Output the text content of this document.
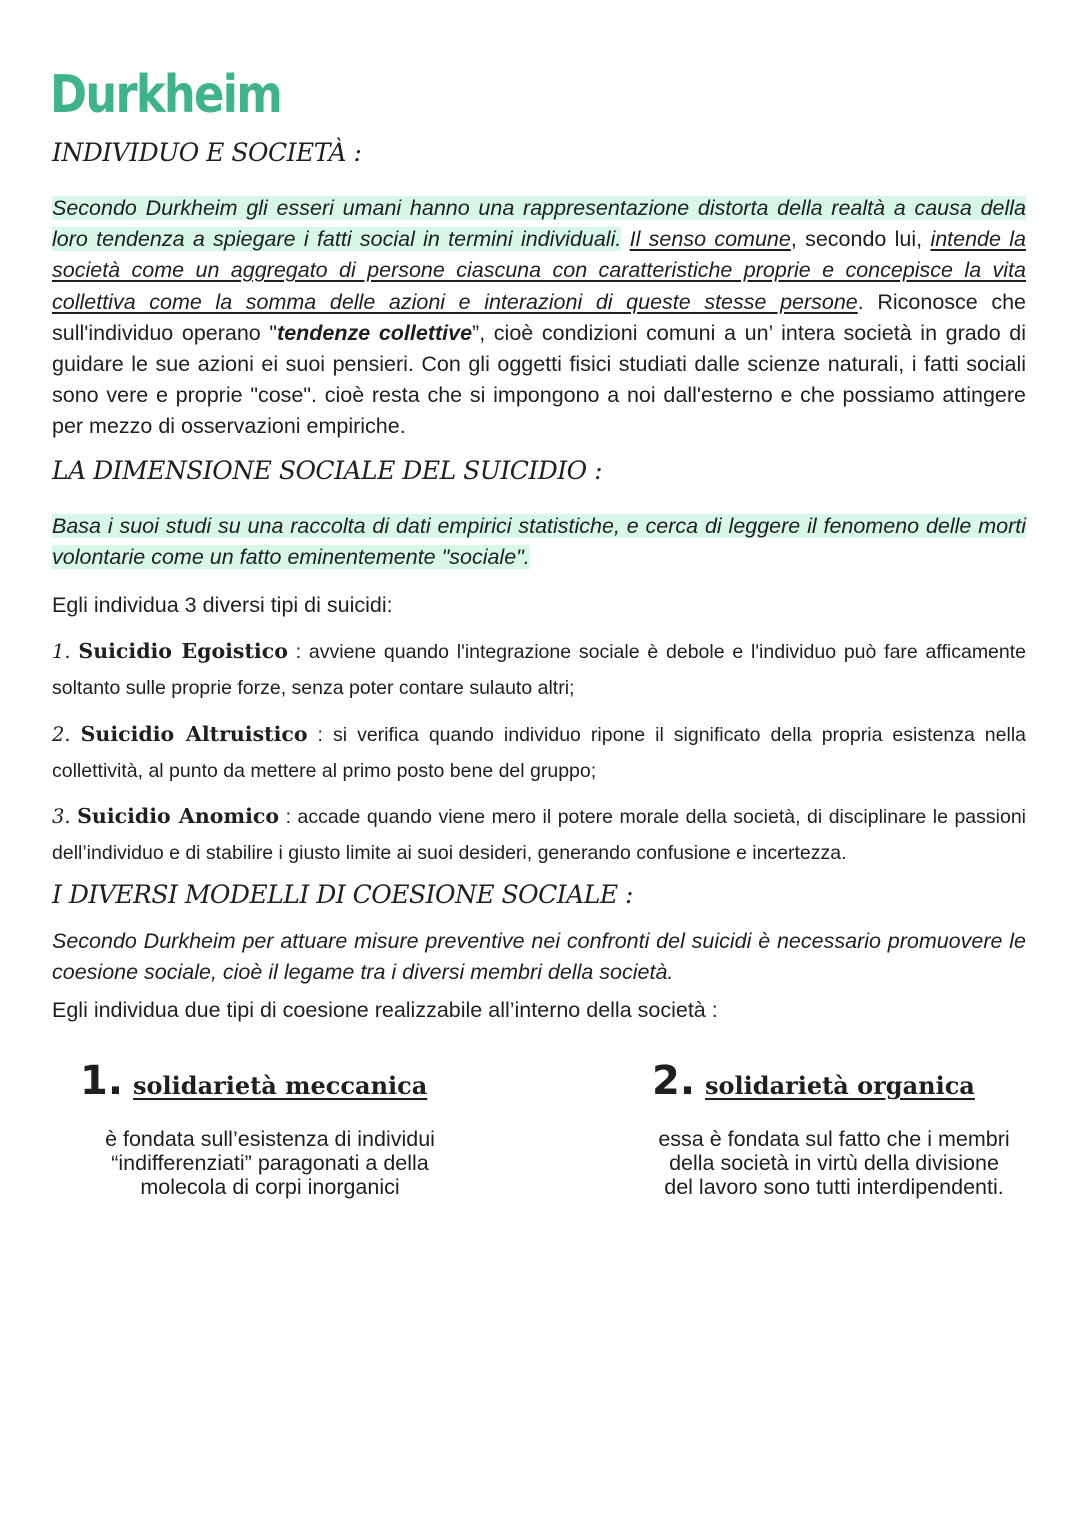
Durkheim
INDIVIDUO E SOCIETÀ :

Secondo Durkheim gli esseri umani hanno una rappresentazione distorta della realtà a causa della loro tendenza a spiegare i fatti social in termini individuali. Il senso comune, secondo lui, intende la società come un aggregato di persone ciascuna con caratteristiche proprie e concepisce la vita collettiva come la somma delle azioni e interazioni di queste stesse persone. Riconosce che sull'individuo operano "tendenze collettive”, cioè condizioni comuni a un’ intera società in grado di guidare le sue azioni ei suoi pensieri. Con gli oggetti fisici studiati dalle scienze naturali, i fatti sociali sono vere e proprie "cose". cioè resta che si impongono a noi dall'esterno e che possiamo attingere per mezzo di osservazioni empiriche.

LA DIMENSIONE SOCIALE DEL SUICIDIO :

Basa i suoi studi su una raccolta di dati empirici statistiche, e cerca di leggere il fenomeno delle morti volontarie come un fatto eminentemente "sociale".

Egli individua 3 diversi tipi di suicidi:

1. Suicidio Egoistico : avviene quando l'integrazione sociale è debole e l'individuo può fare afficamente soltanto sulle proprie forze, senza poter contare sulauto altri;

2. Suicidio Altruistico : si verifica quando individuo ripone il significato della propria esistenza nella collettività, al punto da mettere al primo posto bene del gruppo;

3. Suicidio Anomico : accade quando viene mero il potere morale della società, di disciplinare le passioni dell’individuo e di stabilire i giusto limite ai suoi desideri, generando confusione e incertezza.

I DIVERSI MODELLI DI COESIONE SOCIALE :

Secondo Durkheim per attuare misure preventive nei confronti del suicidi è necessario promuovere le coesione sociale, cioè il legame tra i diversi membri della società.

Egli individua due tipi di coesione realizzabile all’interno della società :

1. solidarietà meccanica
è fondata sull’esistenza di individui
“indifferenziati” paragonati a della
molecola di corpi inorganici
2. solidarietà organica
essa è fondata sul fatto che i membri
della società in virtù della divisione
del lavoro sono tutti interdipendenti.
